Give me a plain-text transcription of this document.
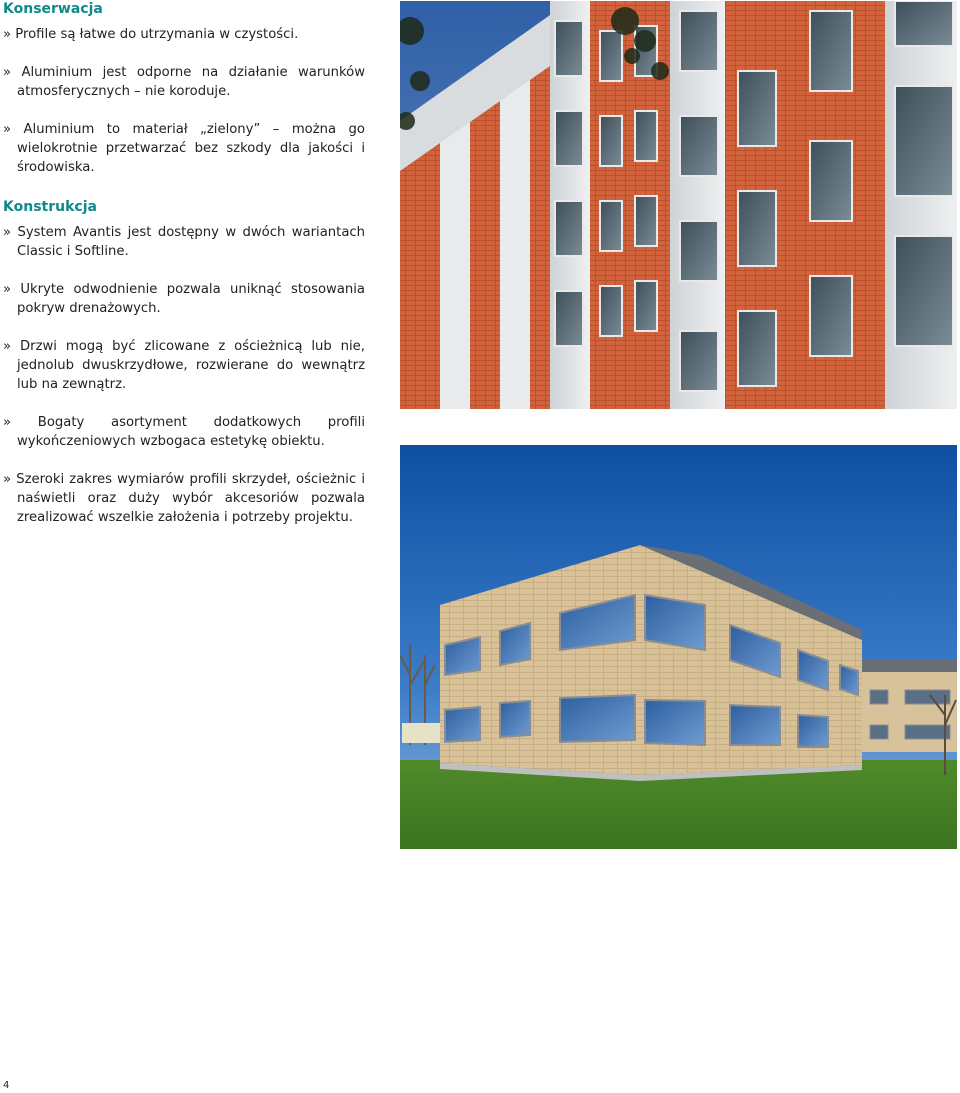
Konserwacja

» Profile są łatwe do utrzymania w czystości.

» Aluminium jest odporne na działanie warunków atmosferycznych – nie koroduje.

» Aluminium to materiał „zielony” – można go wielokrotnie przetwarzać bez szkody dla jakości i środowiska.

Konstrukcja

» System Avantis jest dostępny w dwóch wariantach Classic i Softline.

» Ukryte odwodnienie pozwala uniknąć stosowania pokryw drenażowych.

» Drzwi mogą być zlicowane z ościeżnicą lub nie, jednolub dwuskrzydłowe, rozwierane do wewnątrz lub na zewnątrz.

» Bogaty asortyment dodatkowych profili wykończeniowych wzbogaca estetykę obiektu.

» Szeroki zakres wymiarów profili skrzydeł, ościeżnic i naświetli oraz duży wybór akcesoriów pozwala zrealizować wszelkie założenia i potrzeby projektu.

4
